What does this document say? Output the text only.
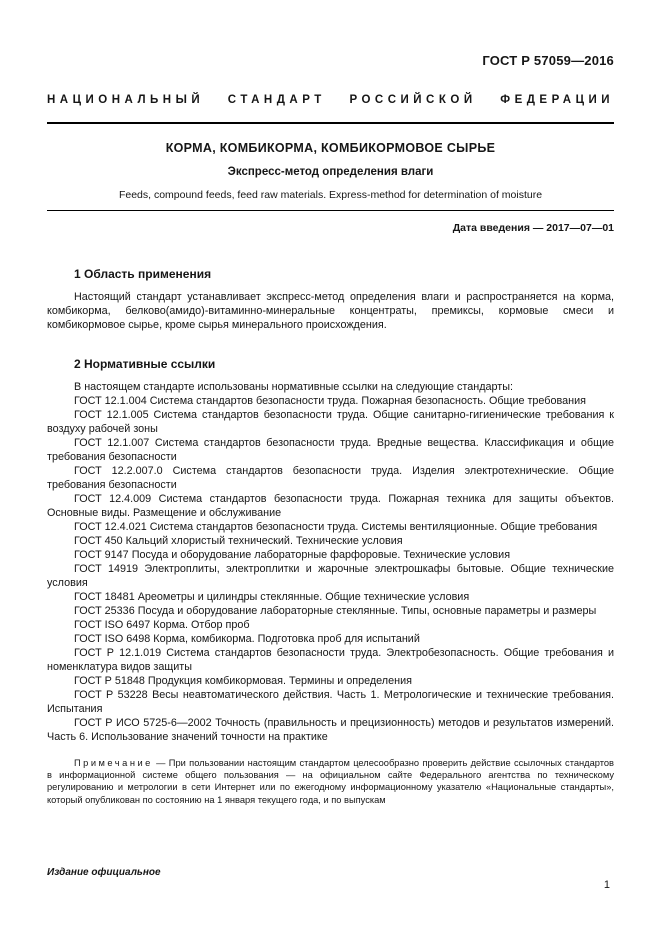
ГОСТ Р 57059—2016
НАЦИОНАЛЬНЫЙ СТАНДАРТ РОССИЙСКОЙ ФЕДЕРАЦИИ
КОРМА, КОМБИКОРМА, КОМБИКОРМОВОЕ СЫРЬЕ
Экспресс-метод определения влаги
Feeds, compound feeds, feed raw materials. Express-method for determination of moisture
Дата введения — 2017—07—01
1 Область применения

Настоящий стандарт устанавливает экспресс-метод определения влаги и распространяется на корма, комбикорма, белково(амидо)-витаминно-минеральные концентраты, премиксы, кормовые смеси и комбикормовое сырье, кроме сырья минерального происхождения.

2 Нормативные ссылки

В настоящем стандарте использованы нормативные ссылки на следующие стандарты:

ГОСТ 12.1.004 Система стандартов безопасности труда. Пожарная безопасность. Общие требования

ГОСТ 12.1.005 Система стандартов безопасности труда. Общие санитарно-гигиенические требования к воздуху рабочей зоны

ГОСТ 12.1.007 Система стандартов безопасности труда. Вредные вещества. Классификация и общие требования безопасности

ГОСТ 12.2.007.0 Система стандартов безопасности труда. Изделия электротехнические. Общие требования безопасности

ГОСТ 12.4.009 Система стандартов безопасности труда. Пожарная техника для защиты объектов. Основные виды. Размещение и обслуживание

ГОСТ 12.4.021 Система стандартов безопасности труда. Системы вентиляционные. Общие требования

ГОСТ 450 Кальций хлористый технический. Технические условия

ГОСТ 9147 Посуда и оборудование лабораторные фарфоровые. Технические условия

ГОСТ 14919 Электроплиты, электроплитки и жарочные электрошкафы бытовые. Общие технические условия

ГОСТ 18481 Ареометры и цилиндры стеклянные. Общие технические условия

ГОСТ 25336 Посуда и оборудование лабораторные стеклянные. Типы, основные параметры и размеры

ГОСТ ISO 6497 Корма. Отбор проб

ГОСТ ISO 6498 Корма, комбикорма. Подготовка проб для испытаний

ГОСТ Р 12.1.019 Система стандартов безопасности труда. Электробезопасность. Общие требования и номенклатура видов защиты

ГОСТ Р 51848 Продукция комбикормовая. Термины и определения

ГОСТ Р 53228 Весы неавтоматического действия. Часть 1. Метрологические и технические требования. Испытания

ГОСТ Р ИСО 5725-6—2002 Точность (правильность и прецизионность) методов и результатов измерений. Часть 6. Использование значений точности на практике

Примечание — При пользовании настоящим стандартом целесообразно проверить действие ссылочных стандартов в информационной системе общего пользования — на официальном сайте Федерального агентства по техническому регулированию и метрологии в сети Интернет или по ежегодному информационному указателю «Национальные стандарты», который опубликован по состоянию на 1 января текущего года, и по выпускам
Издание официальное
1
